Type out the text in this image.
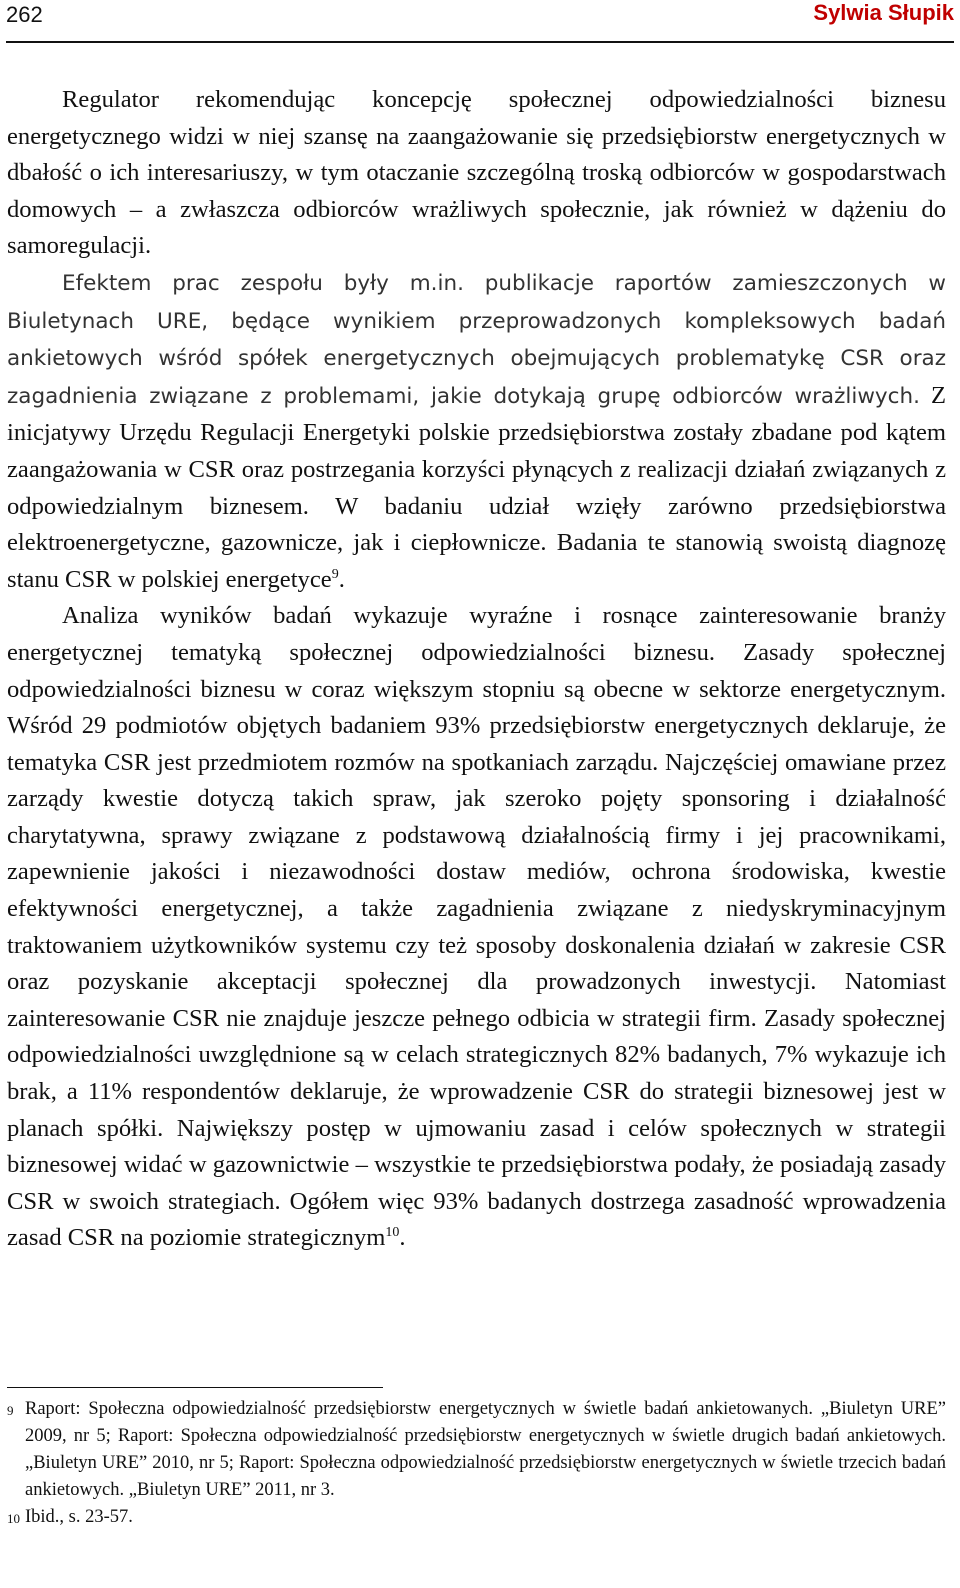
262	Sylwia Słupik

Regulator rekomendując koncepcję społecznej odpowiedzialności biznesu energetycznego widzi w niej szansę na zaangażowanie się przedsiębiorstw energetycznych w dbałość o ich interesariuszy, w tym otaczanie szczególną troską odbiorców w gospodarstwach domowych – a zwłaszcza odbiorców wrażliwych społecznie, jak również w dążeniu do samoregulacji.

Efektem prac zespołu były m.in. publikacje raportów zamieszczonych w Biuletynach URE, będące wynikiem przeprowadzonych kompleksowych badań ankietowych wśród spółek energetycznych obejmujących problematykę CSR oraz zagadnienia związane z problemami, jakie dotykają grupę odbiorców wrażliwych. Z inicjatywy Urzędu Regulacji Energetyki polskie przedsiębiorstwa zostały zbadane pod kątem zaangażowania w CSR oraz postrzegania korzyści płynących z realizacji działań związanych z odpowiedzialnym biznesem. W badaniu udział wzięły zarówno przedsiębiorstwa elektroenergetyczne, gazownicze, jak i ciepłownicze. Badania te stanowią swoistą diagnozę stanu CSR w polskiej energetyce$^9$.

Analiza wyników badań wykazuje wyraźne i rosnące zainteresowanie branży energetycznej tematyką społecznej odpowiedzialności biznesu. Zasady społecznej odpowiedzialności biznesu w coraz większym stopniu są obecne w sektorze energetycznym. Wśród 29 podmiotów objętych badaniem 93% przedsiębiorstw energetycznych deklaruje, że tematyka CSR jest przedmiotem rozmów na spotkaniach zarządu. Najczęściej omawiane przez zarządy kwestie dotyczą takich spraw, jak szeroko pojęty sponsoring i działalność charytatywna, sprawy związane z podstawową działalnością firmy i jej pracownikami, zapewnienie jakości i niezawodności dostaw mediów, ochrona środowiska, kwestie efektywności energetycznej, a także zagadnienia związane z niedyskryminacyjnym traktowaniem użytkowników systemu czy też sposoby doskonalenia działań w zakresie CSR oraz pozyskanie akceptacji społecznej dla prowadzonych inwestycji. Natomiast zainteresowanie CSR nie znajduje jeszcze pełnego odbicia w strategii firm. Zasady społecznej odpowiedzialności uwzględnione są w celach strategicznych 82% badanych, 7% wykazuje ich brak, a 11% respondentów deklaruje, że wprowadzenie CSR do strategii biznesowej jest w planach spółki. Największy postęp w ujmowaniu zasad i celów społecznych w strategii biznesowej widać w gazownictwie – wszystkie te przedsiębiorstwa podały, że posiadają zasady CSR w swoich strategiach. Ogółem więc 93% badanych dostrzega zasadność wprowadzenia zasad CSR na poziomie strategicznym$^{10}$.

9 Raport: Społeczna odpowiedzialność przedsiębiorstw energetycznych w świetle badań ankietowanych. „Biuletyn URE” 2009, nr 5; Raport: Społeczna odpowiedzialność przedsiębiorstw energetycznych w świetle drugich badań ankietowych. „Biuletyn URE” 2010, nr 5; Raport: Społeczna odpowiedzialność przedsiębiorstw energetycznych w świetle trzecich badań ankietowych. „Biuletyn URE” 2011, nr 3.

10 Ibid., s. 23-57.
